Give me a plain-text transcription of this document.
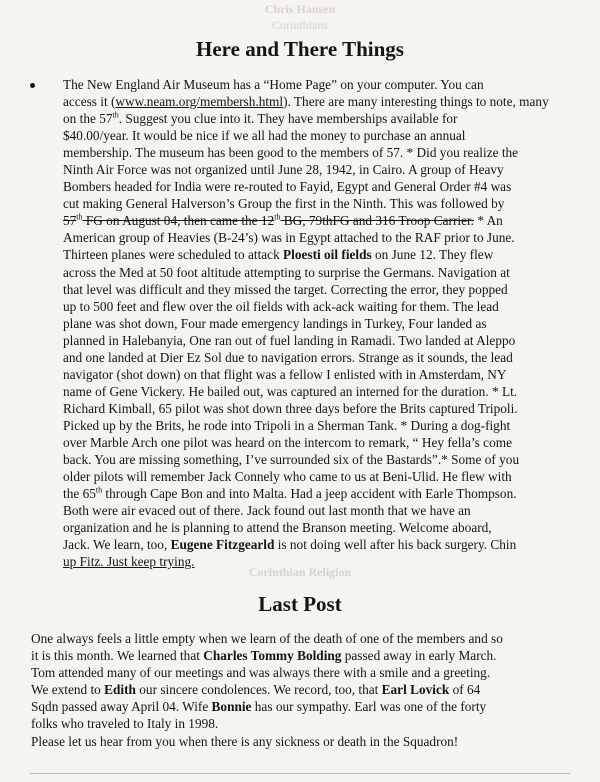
Chris Hansen
Corinthians
Corinthian Religion
Here and There Things
The New England Air Museum has a “Home Page” on your computer. You can
access it (www.neam.org/membersh.html). There are many interesting things to note, many
on the 57th. Suggest you clue into it. They have memberships available for
$40.00/year. It would be nice if we all had the money to purchase an annual
membership. The museum has been good to the members of 57. * Did you realize the
Ninth Air Force was not organized until June 28, 1942, in Cairo. A group of Heavy
Bombers headed for India were re-routed to Fayid, Egypt and General Order #4 was
cut making General Halverson’s Group the first in the Ninth. This was followed by
57th FG on August 04, then came the 12th BG, 79thFG and 316 Troop Carrier. * An
American group of Heavies (B-24’s) was in Egypt attached to the RAF prior to June.
Thirteen planes were scheduled to attack Ploesti oil fields on June 12. They flew
across the Med at 50 foot altitude attempting to surprise the Germans. Navigation at
that level was difficult and they missed the target. Correcting the error, they popped
up to 500 feet and flew over the oil fields with ack-ack waiting for them. The lead
plane was shot down, Four made emergency landings in Turkey, Four landed as
planned in Halebanyia, One ran out of fuel landing in Ramadi. Two landed at Aleppo
and one landed at Dier Ez Sol due to navigation errors. Strange as it sounds, the lead
navigator (shot down) on that flight was a fellow I enlisted with in Amsterdam, NY
name of Gene Vickery. He bailed out, was captured an interned for the duration. * Lt.
Richard Kimball, 65 pilot was shot down three days before the Brits captured Tripoli.
Picked up by the Brits, he rode into Tripoli in a Sherman Tank. * During a dog-fight
over Marble Arch one pilot was heard on the intercom to remark, “ Hey fella’s come
back. You are missing something, I’ve surrounded six of the Bastards”.* Some of you
older pilots will remember Jack Connely who came to us at Beni-Ulid. He flew with
the 65th through Cape Bon and into Malta. Had a jeep accident with Earle Thompson.
Both were air evaced out of there. Jack found out last month that we have an
organization and he is planning to attend the Branson meeting. Welcome aboard,
Jack. We learn, too, Eugene Fitzgearld is not doing well after his back surgery. Chin
up Fitz. Just keep trying.
Last Post
One always feels a little empty when we learn of the death of one of the members and so
it is this month. We learned that Charles Tommy Bolding passed away in early March.
Tom attended many of our meetings and was always there with a smile and a greeting.
We extend to Edith our sincere condolences. We record, too, that Earl Lovick of 64
Sqdn passed away April 04. Wife Bonnie has our sympathy. Earl was one of the forty
folks who traveled to Italy in 1998.
Please let us hear from you when there is any sickness or death in the Squadron!
